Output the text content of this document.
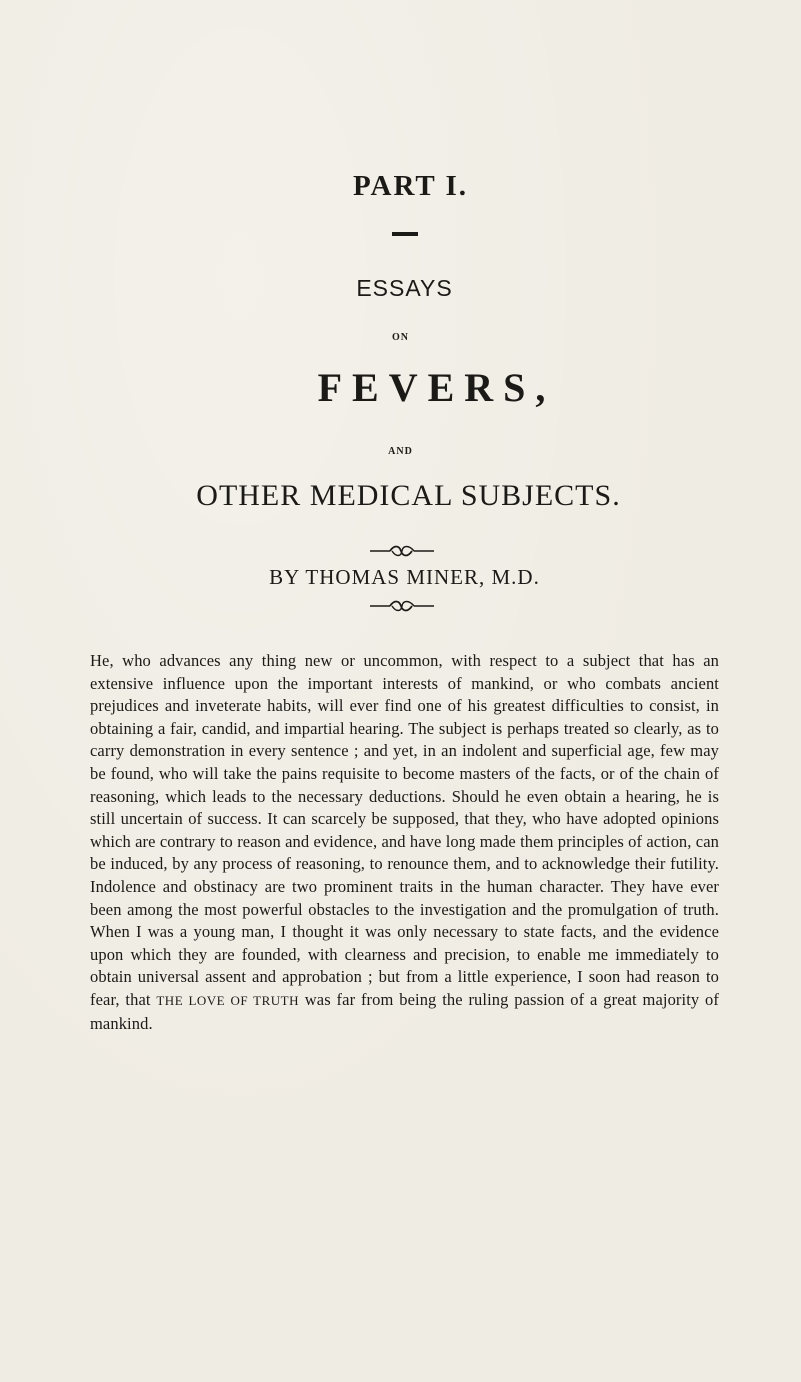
PART I.
ESSAYS
ON
FEVERS,
AND
OTHER MEDICAL SUBJECTS.
BY THOMAS MINER, M.D.
He, who advances any thing new or uncommon, with respect to a subject that has an extensive influence upon the important interests of mankind, or who combats ancient prejudices and inveterate habits, will ever find one of his greatest difficulties to consist, in obtaining a fair, candid, and impartial hearing. The subject is perhaps treated so clearly, as to carry demonstration in every sentence ; and yet, in an indolent and superficial age, few may be found, who will take the pains requisite to become masters of the facts, or of the chain of reasoning, which leads to the necessary deductions. Should he even obtain a hearing, he is still uncertain of success. It can scarcely be supposed, that they, who have adopted opinions which are contrary to reason and evidence, and have long made them principles of action, can be induced, by any process of reasoning, to renounce them, and to acknowledge their futility. Indolence and obstinacy are two prominent traits in the human character. They have ever been among the most powerful obstacles to the investigation and the promulgation of truth. When I was a young man, I thought it was only necessary to state facts, and the evidence upon which they are founded, with clearness and precision, to enable me immediately to obtain universal assent and approbation ; but from a little experience, I soon had reason to fear, that THE LOVE OF TRUTH was far from being the ruling passion of a great majority of mankind.
